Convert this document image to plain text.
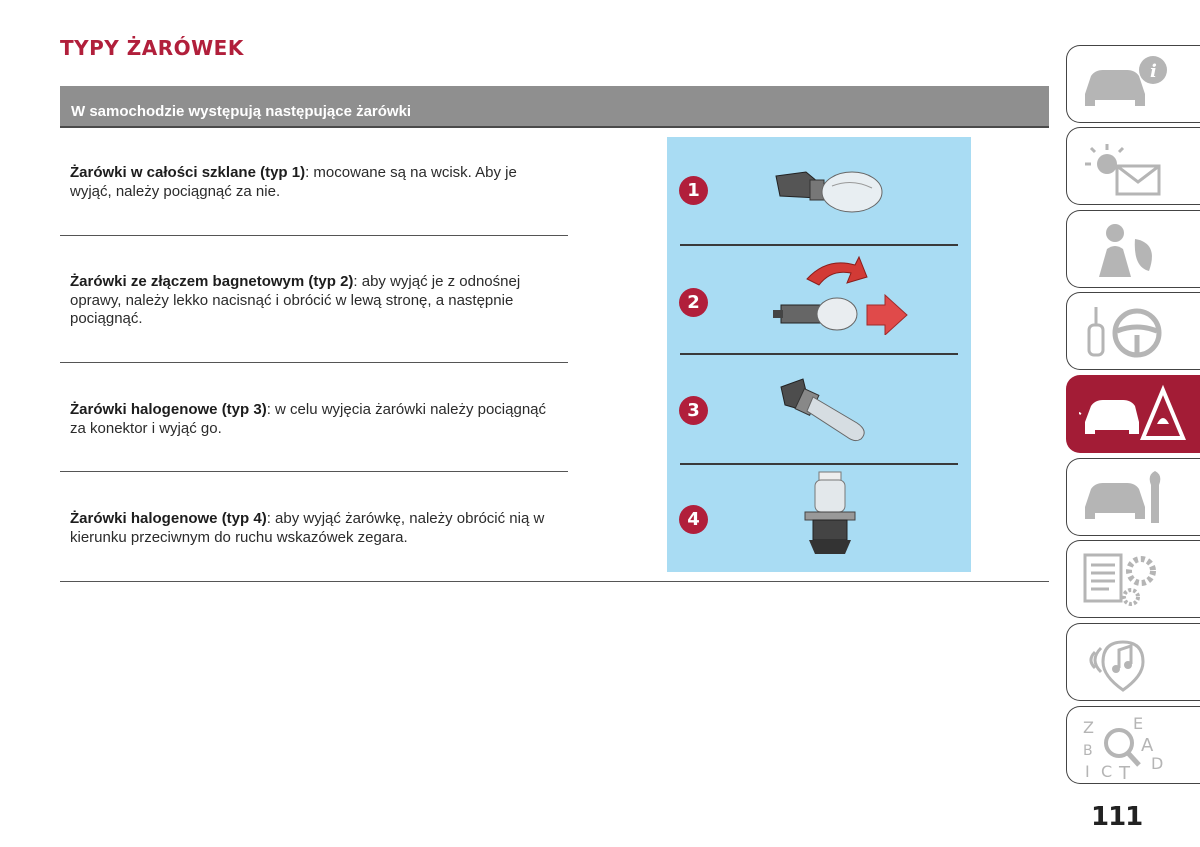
TYPY ŻARÓWEK
W samochodzie występują następujące żarówki
Żarówki w całości szklane (typ 1): mocowane są na wcisk. Aby je wyjąć, należy pociągnąć za nie.
Żarówki ze złączem bagnetowym (typ 2): aby wyjąć je z odnośnej oprawy, należy lekko nacisnąć i obrócić w lewą stronę, a następnie pociągnąć.
Żarówki halogenowe (typ 3): w celu wyjęcia żarówki należy pociągnąć za konektor i wyjąć go.
Żarówki halogenowe (typ 4): aby wyjąć żarówkę, należy obrócić nią w kierunku przeciwnym do ruchu wskazówek zegara.
1
2
3
4
i
Z E
B	A
C T D
I
111
